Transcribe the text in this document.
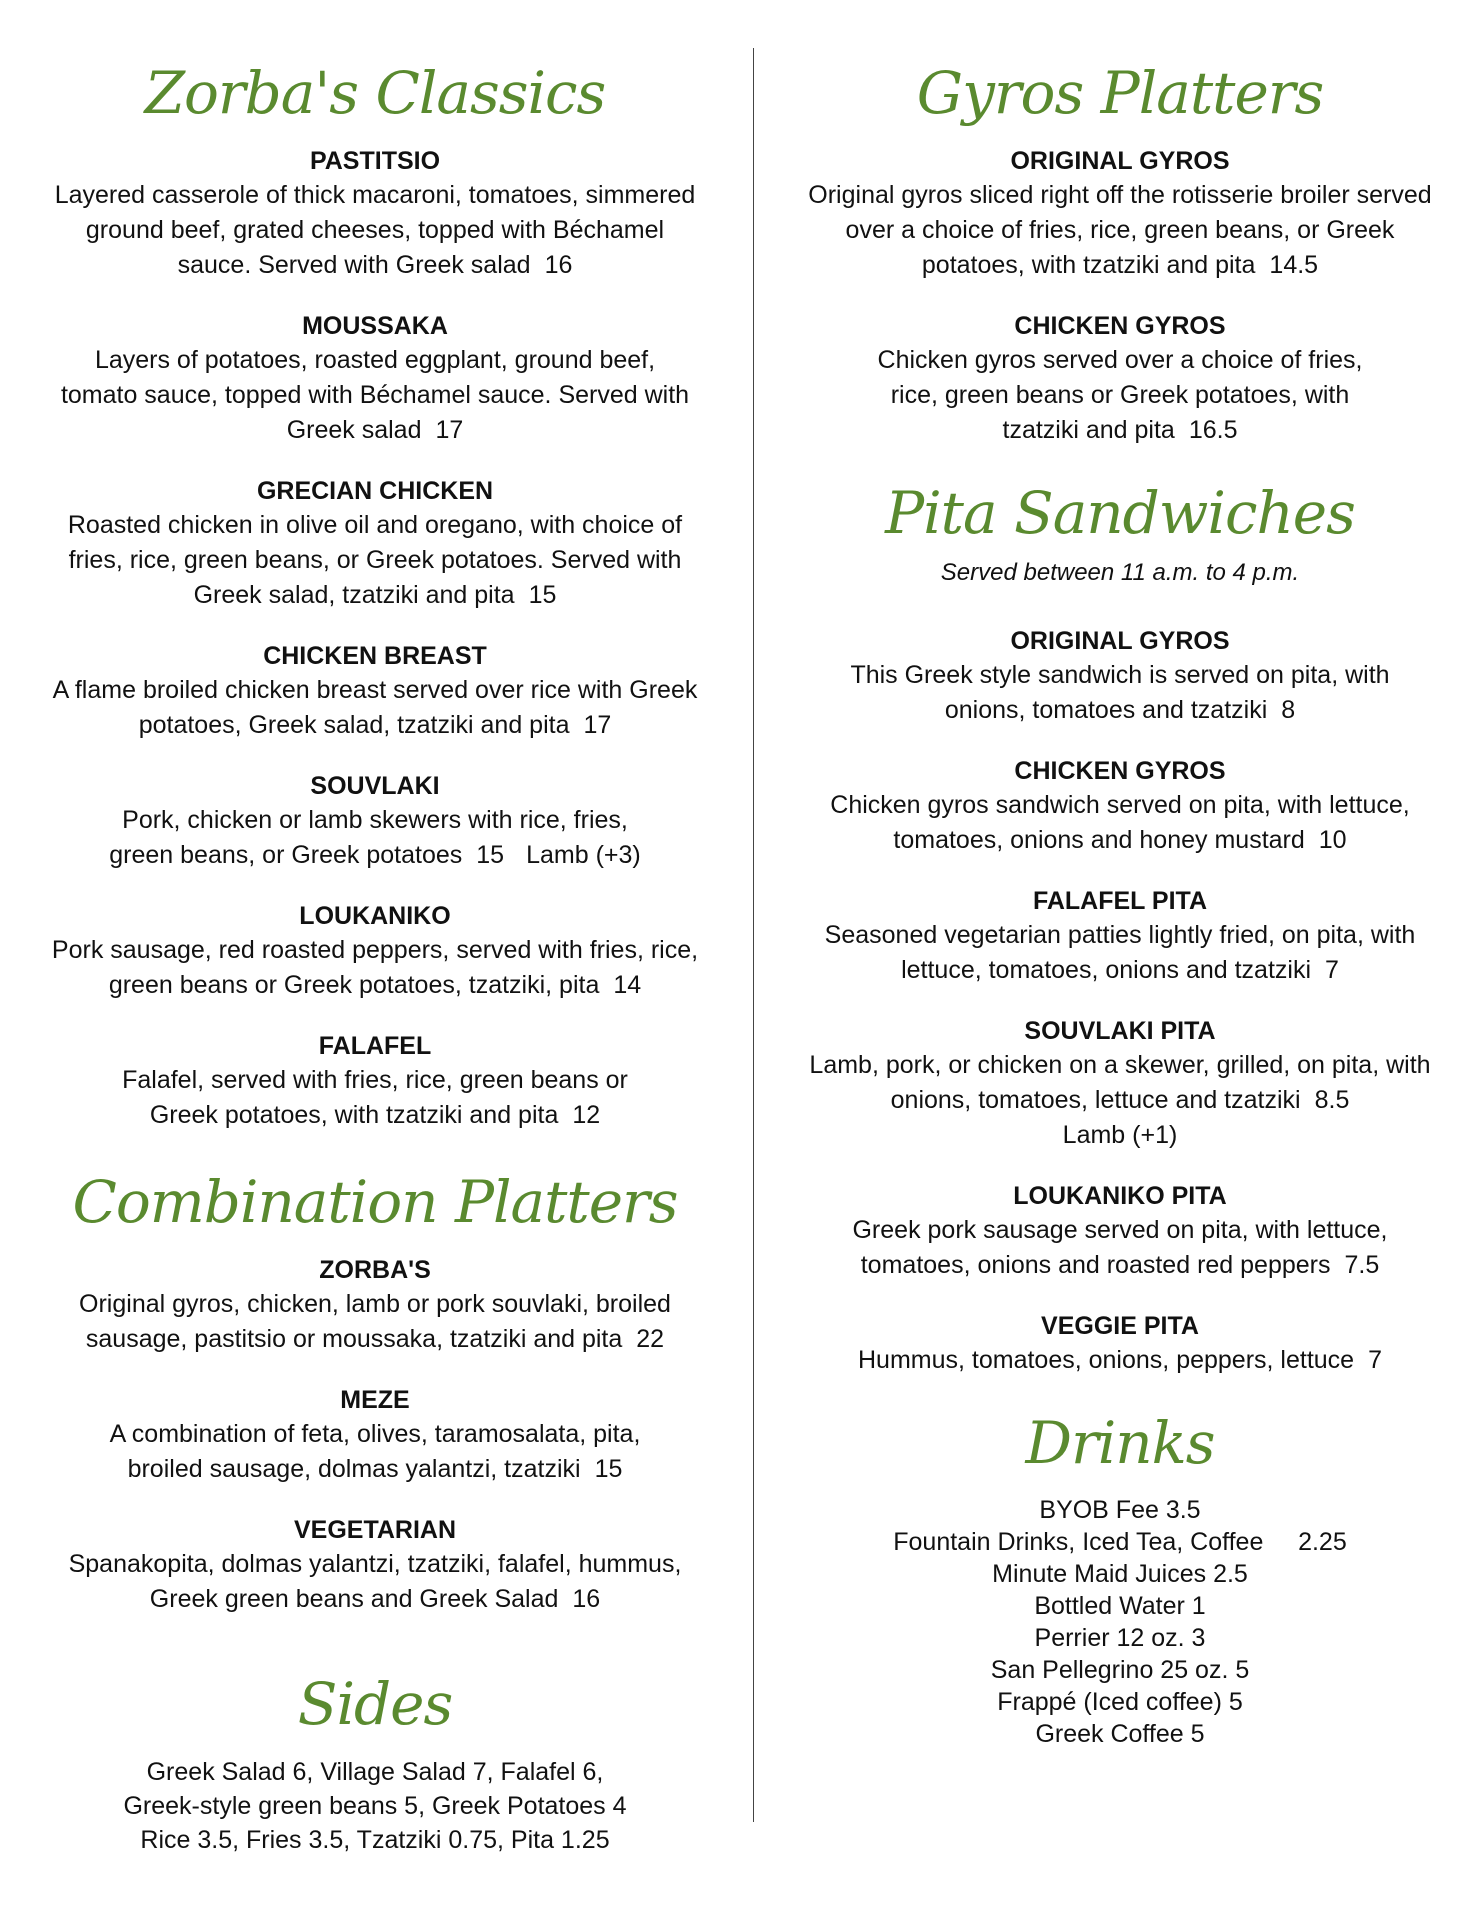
Zorba's Classics
PASTITSIO
Layered casserole of thick macaroni, tomatoes, simmered ground beef, grated cheeses, topped with Béchamel sauce. Served with Greek salad 16
MOUSSAKA
Layers of potatoes, roasted eggplant, ground beef, tomato sauce, topped with Béchamel sauce. Served with Greek salad 17
GRECIAN CHICKEN
Roasted chicken in olive oil and oregano, with choice of fries, rice, green beans, or Greek potatoes. Served with Greek salad, tzatziki and pita 15
CHICKEN BREAST
A flame broiled chicken breast served over rice with Greek potatoes, Greek salad, tzatziki and pita 17
SOUVLAKI
Pork, chicken or lamb skewers with rice, fries, green beans, or Greek potatoes 15 Lamb (+3)
LOUKANIKO
Pork sausage, red roasted peppers, served with fries, rice, green beans or Greek potatoes, tzatziki, pita 14
FALAFEL
Falafel, served with fries, rice, green beans or Greek potatoes, with tzatziki and pita 12
Combination Platters
ZORBA'S
Original gyros, chicken, lamb or pork souvlaki, broiled sausage, pastitsio or moussaka, tzatziki and pita 22
MEZE
A combination of feta, olives, taramosalata, pita, broiled sausage, dolmas yalantzi, tzatziki 15
VEGETARIAN
Spanakopita, dolmas yalantzi, tzatziki, falafel, hummus, Greek green beans and Greek Salad 16
Sides
Greek Salad 6, Village Salad 7, Falafel 6,
Greek-style green beans 5, Greek Potatoes 4
Rice 3.5, Fries 3.5, Tzatziki 0.75, Pita 1.25
Gyros Platters
ORIGINAL GYROS
Original gyros sliced right off the rotisserie broiler served over a choice of fries, rice, green beans, or Greek potatoes, with tzatziki and pita 14.5
CHICKEN GYROS
Chicken gyros served over a choice of fries, rice, green beans or Greek potatoes, with tzatziki and pita 16.5
Pita Sandwiches
Served between 11 a.m. to 4 p.m.
ORIGINAL GYROS
This Greek style sandwich is served on pita, with onions, tomatoes and tzatziki 8
CHICKEN GYROS
Chicken gyros sandwich served on pita, with lettuce, tomatoes, onions and honey mustard 10
FALAFEL PITA
Seasoned vegetarian patties lightly fried, on pita, with lettuce, tomatoes, onions and tzatziki 7
SOUVLAKI PITA
Lamb, pork, or chicken on a skewer, grilled, on pita, with onions, tomatoes, lettuce and tzatziki 8.5
Lamb (+1)
LOUKANIKO PITA
Greek pork sausage served on pita, with lettuce, tomatoes, onions and roasted red peppers 7.5
VEGGIE PITA
Hummus, tomatoes, onions, peppers, lettuce 7
Drinks
BYOB Fee 3.5
Fountain Drinks, Iced Tea, Coffee     2.25
Minute Maid Juices 2.5
Bottled Water 1
Perrier 12 oz. 3
San Pellegrino 25 oz. 5
Frappé (Iced coffee) 5
Greek Coffee 5
